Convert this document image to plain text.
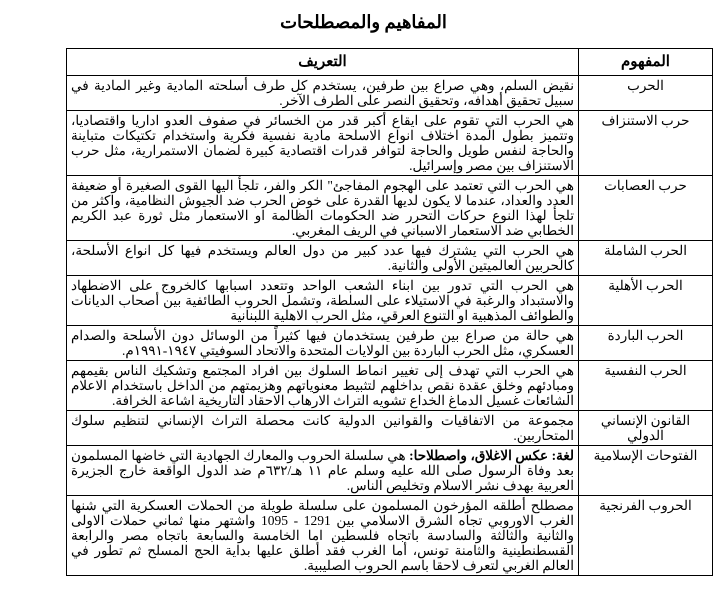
المفاهيم والمصطلحات
المفهوم	التعريف
الحرب	نقيض السلم، وهي صراع بين طرفين، يستخدم كل طرف أسلحته المادية وغير المادية في سبيل تحقيق أهدافه، وتحقيق النصر على الطرف الآخر.
حرب الاستنزاف	هي الحرب التي تقوم على ايقاع أكبر قدر من الخسائر في صفوف العدو اداريا واقتصاديا، وتتميز بطول المدة اختلاف انواع الاسلحة مادية نفسية فكرية واستخدام تكتيكات متباينة والحاجة لنفس طويل والحاجة لتوافر قدرات اقتصادية كبيرة لضمان الاستمرارية، مثل حرب الاستنزاف بين مصر وإسرائيل.
حرب العصابات	هي الحرب التي تعتمد على الهجوم المفاجئ" الكر والفر، تلجأ اليها القوى الصغيرة أو ضعيفة العدد والعداد، عندما لا يكون لديها القدرة على خوض الحرب ضد الجيوش النظامية، واكثر من تلجأ لهذا النوع حركات التحرر ضد الحكومات الظالمة او الاستعمار مثل ثورة عبد الكريم الخطابي ضد الاستعمار الاسباني في الريف المغربي.
الحرب الشاملة	هي الحرب التي يشترك فيها عدد كبير من دول العالم ويستخدم فيها كل انواع الأسلحة، كالحربين العالميتين الأولى والثانية.
الحرب الأهلية	هي الحرب التي تدور بين ابناء الشعب الواحد وتتعدد اسبابها كالخروج على الاضطهاد والاستبداد والرغبة في الاستيلاء على السلطة، وتشمل الحروب الطائفية بين أصحاب الديانات والطوائف المذهبية او التنوع العرقي، مثل الحرب الاهلية اللبنانية
الحرب الباردة	هي حالة من صراع بين طرفين يستخدمان فيها كثيراً من الوسائل دون الأسلحة والصدام العسكري، مثل الحرب الباردة بين الولايات المتحدة والاتحاد السوفيتي ١٩٤٧-١٩٩١م.
الحرب النفسية	هي الحرب التي تهدف إلى تغيير انماط السلوك بين افراد المجتمع وتشكيك الناس بقيمهم ومبادئهم وخلق عقدة نقص بداخلهم لتثبيط معنوياتهم وهزيمتهم من الداخل باستخدام الاعلام الشائعات غسيل الدماغ الخداع تشويه التراث الارهاب الاحقاد التاريخية اشاعة الخرافة.
القانون الإنساني الدولي	مجموعة من الاتفاقيات والقوانين الدولية كانت محصلة التراث الإنساني لتنظيم سلوك المتحاربين.
الفتوحات الإسلامية	لغة: عكس الاغلاق، واصطلاحا: هي سلسلة الحروب والمعارك الجهادية التي خاضها المسلمون بعد وفاة الرسول صلى الله عليه وسلم عام ١١ هـ/٦٣٢م ضد الدول الواقعة خارج الجزيرة العربية بهدف نشر الاسلام وتخليص الناس.
الحروب الفرنجية	مصطلح أطلقه المؤرخون المسلمون على سلسلة طويلة من الحملات العسكرية التي شنها الغرب الاوروبي تجاه الشرق الاسلامي بين 1291 - 1095 واشتهر منها ثماني حملات الاولى والثانية والثالثة والسادسة باتجاه فلسطين اما الخامسة والسابعة باتجاه مصر والرابعة القسطنطينية والثامنة تونس، أما الغرب فقد أطلق عليها بداية الحج المسلح ثم تطور في العالم الغربي لتعرف لاحقا باسم الحروب الصليبية.
